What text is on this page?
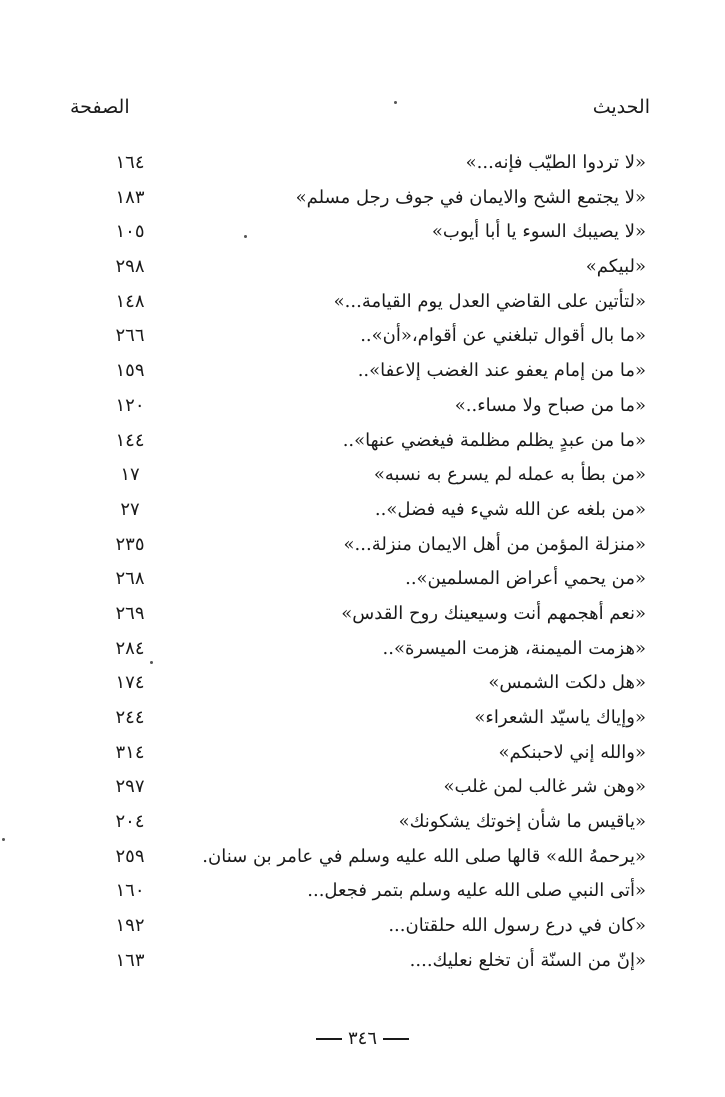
الحديث
الصفحة
«لا تردوا الطيّب فإنه...»
١٦٤
«لا يجتمع الشح والايمان في جوف رجل مسلم»
١٨٣
«لا يصيبك السوء يا أبا أيوب»
١٠٥
«لبيكم»
٢٩٨
«لتأتين على القاضي العدل يوم القيامة...»
١٤٨
«ما بال أقوال تبلغني عن أقوام،«أن»..
٢٦٦
«ما من إمام يعفو عند الغضب إلاعفا»..
١٥٩
«ما من صباح ولا مساء..»
١٢٠
«ما من عبدٍ يظلم مظلمة فيغضي عنها»..
١٤٤
«من بطأ به عمله لم يسرع به نسبه»
١٧
«من بلغه عن الله شيء فيه فضل»..
٢٧
«منزلة المؤمن من أهل الايمان منزلة...»
٢٣٥
«من يحمي أعراض المسلمين»..
٢٦٨
«نعم أهجمهم أنت وسيعينك روح القدس»
٢٦٩
«هزمت الميمنة، هزمت الميسرة»..
٢٨٤
«هل دلكت الشمس»
١٧٤
«وإياك ياسيّد الشعراء»
٢٤٤
«والله إني لاحبنكم»
٣١٤
«وهن شر غالب لمن غلب»
٢٩٧
«ياقيس ما شأن إخوتك يشكونك»
٢٠٤
«يرحمهُ الله» قالها صلى الله عليه وسلم في عامر بن سنان.
٢٥٩
«أتى النبي صلى الله عليه وسلم بتمر فجعل...
١٦٠
«كان في درع رسول الله حلقتان...
١٩٢
«إنّ من السنّة أن تخلع نعليك....
١٦٣
٣٤٦
